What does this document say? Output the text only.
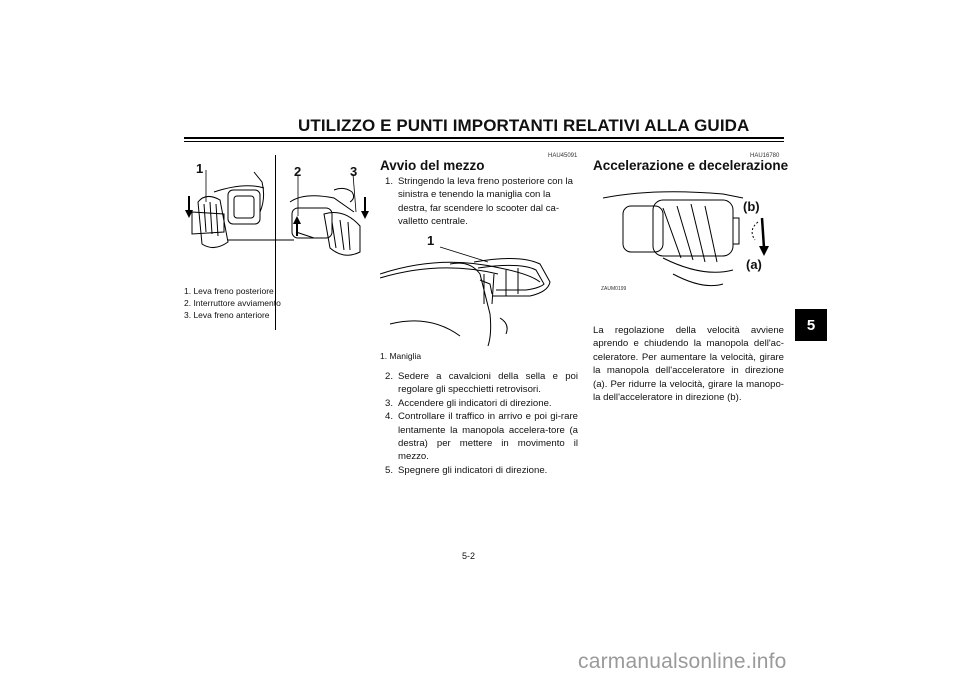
UTILIZZO E PUNTI IMPORTANTI RELATIVI ALLA GUIDA
5
1	2	3
1. Leva freno posteriore
2. Interruttore avviamento
3. Leva freno anteriore
HAU45091
Avvio del mezzo
1. Stringendo la leva freno posteriore con la sinistra e tenendo la maniglia con la destra, far scendere lo scooter dal ca-valletto centrale.
1
1. Maniglia
2. Sedere a cavalcioni della sella e poi regolare gli specchietti retrovisori.
3. Accendere gli indicatori di direzione.
4. Controllare il traffico in arrivo e poi gi-rare lentamente la manopola accelera-tore (a destra) per mettere in movimento il mezzo.
5. Spegnere gli indicatori di direzione.
HAU16780
Accelerazione e decelerazione
(b)
(a)
ZAUM0199
La regolazione della velocità avviene aprendo e chiudendo la manopola dell'ac-celeratore. Per aumentare la velocità, girare la manopola dell'acceleratore in direzione (a). Per ridurre la velocità, girare la manopo-la dell'acceleratore in direzione (b).
5-2
carmanualsonline.info
